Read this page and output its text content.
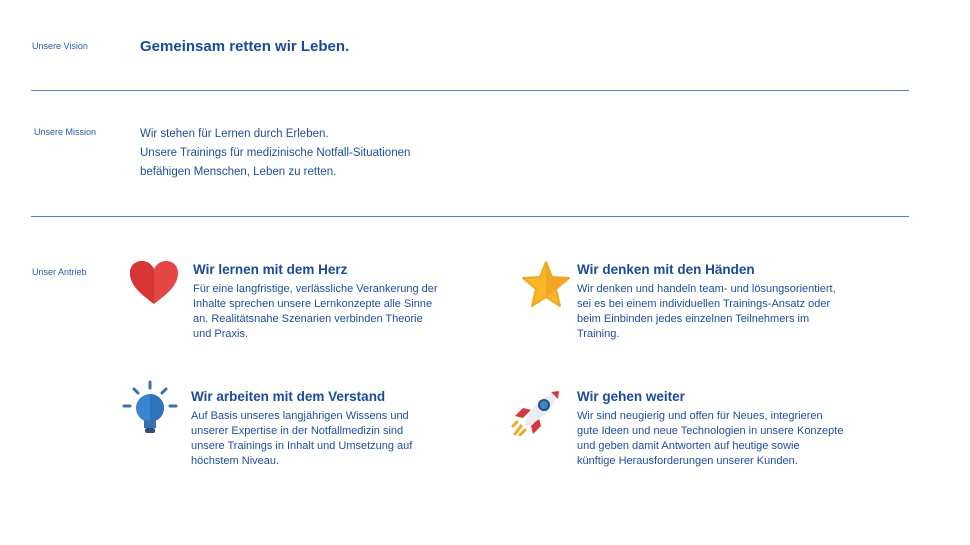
Unsere Vision	Gemeinsam retten wir Leben.
Unsere Mission	Wir stehen für Lernen durch Erleben.
Unsere Trainings für medizinische Notfall-Situationen
befähigen Menschen, Leben zu retten.
Unser Antrieb	Wir lernen mit dem Herz

Für eine langfristige, verlässliche Verankerung der
Inhalte sprechen unsere Lernkonzepte alle Sinne
an. Realitätsnahe Szenarien verbinden Theorie
und Praxis.

Wir denken mit den Händen

Wir denken und handeln team- und lösungsorientiert,
sei es bei einem individuellen Trainings-Ansatz oder
beim Einbinden jedes einzelnen Teilnehmers im
Training.

Wir arbeiten mit dem Verstand

Auf Basis unseres langjährigen Wissens und
unserer Expertise in der Notfallmedizin sind
unsere Trainings in Inhalt und Umsetzung auf
höchstem Niveau.

Wir gehen weiter

Wir sind neugierig und offen für Neues, integrieren
gute Ideen und neue Technologien in unsere Konzepte
und geben damit Antworten auf heutige sowie
künftige Herausforderungen unserer Kunden.
